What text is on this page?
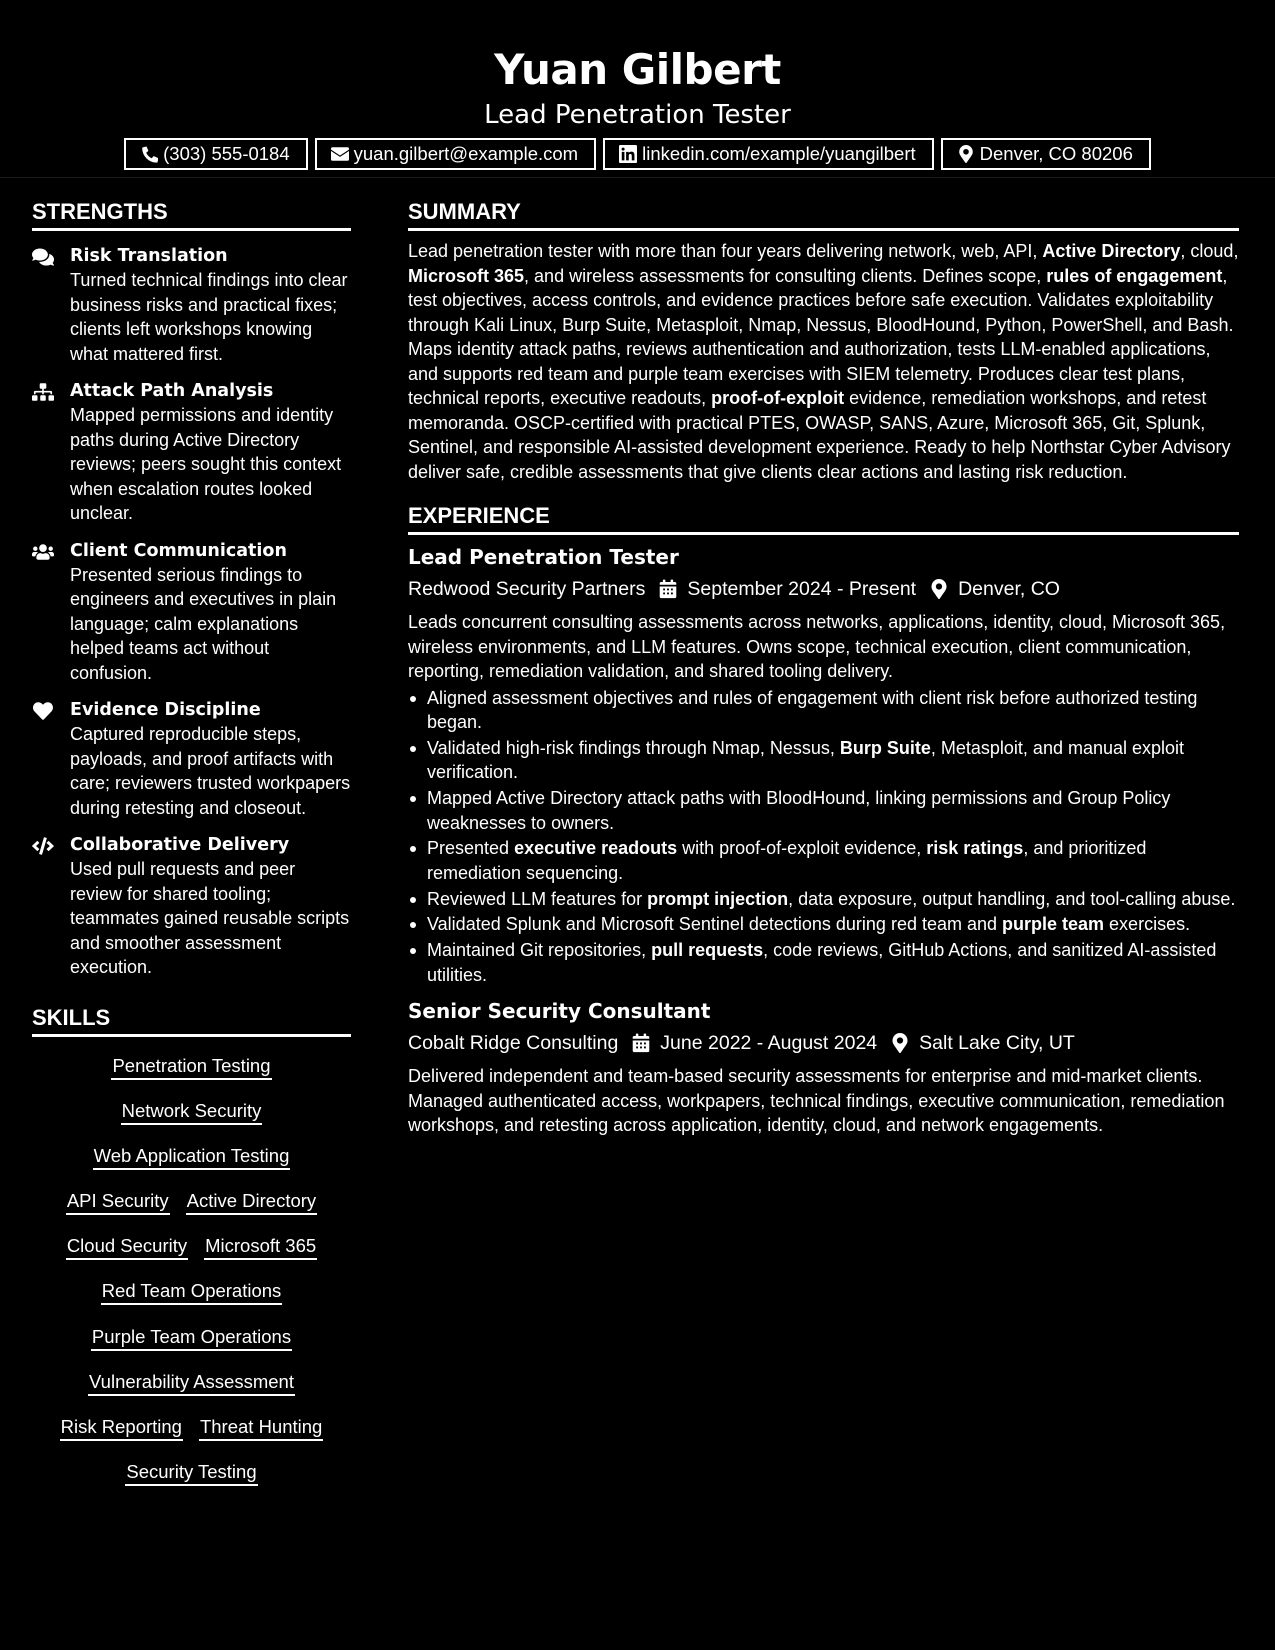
Yuan Gilbert
Lead Penetration Tester
(303) 555-0184	yuan.gilbert@example.com	linkedin.com/example/yuangilbert	Denver, CO 80206
STRENGTHS
Risk Translation
Turned technical findings into clear business risks and practical fixes; clients left workshops knowing what mattered first.
Attack Path Analysis
Mapped permissions and identity paths during Active Directory reviews; peers sought this context when escalation routes looked unclear.
Client Communication
Presented serious findings to engineers and executives in plain language; calm explanations helped teams act without confusion.
Evidence Discipline
Captured reproducible steps, payloads, and proof artifacts with care; reviewers trusted workpapers during retesting and closeout.
Collaborative Delivery
Used pull requests and peer review for shared tooling; teammates gained reusable scripts and smoother assessment execution.
SKILLS
Penetration Testing
Network Security
Web Application Testing
API Security Active Directory
Cloud Security Microsoft 365
Red Team Operations
Purple Team Operations
Vulnerability Assessment
Risk Reporting Threat Hunting
Security Testing
SUMMARY
Lead penetration tester with more than four years delivering network, web, API, Active Directory, cloud, Microsoft 365, and wireless assessments for consulting clients. Defines scope, rules of engagement, test objectives, access controls, and evidence practices before safe execution. Validates exploitability through Kali Linux, Burp Suite, Metasploit, Nmap, Nessus, BloodHound, Python, PowerShell, and Bash. Maps identity attack paths, reviews authentication and authorization, tests LLM-enabled applications, and supports red team and purple team exercises with SIEM telemetry. Produces clear test plans, technical reports, executive readouts, proof-of-exploit evidence, remediation workshops, and retest memoranda. OSCP-certified with practical PTES, OWASP, SANS, Azure, Microsoft 365, Git, Splunk, Sentinel, and responsible AI-assisted development experience. Ready to help Northstar Cyber Advisory deliver safe, credible assessments that give clients clear actions and lasting risk reduction.
EXPERIENCE
Lead Penetration Tester
Redwood Security Partners September 2024 - Present Denver, CO
Leads concurrent consulting assessments across networks, applications, identity, cloud, Microsoft 365, wireless environments, and LLM features. Owns scope, technical execution, client communication, reporting, remediation validation, and shared tooling delivery.
Aligned assessment objectives and rules of engagement with client risk before authorized testing began.
Validated high-risk findings through Nmap, Nessus, Burp Suite, Metasploit, and manual exploit verification.
Mapped Active Directory attack paths with BloodHound, linking permissions and Group Policy weaknesses to owners.
Presented executive readouts with proof-of-exploit evidence, risk ratings, and prioritized remediation sequencing.
Reviewed LLM features for prompt injection, data exposure, output handling, and tool-calling abuse.
Validated Splunk and Microsoft Sentinel detections during red team and purple team exercises.
Maintained Git repositories, pull requests, code reviews, GitHub Actions, and sanitized AI-assisted utilities.
Senior Security Consultant
Cobalt Ridge Consulting June 2022 - August 2024 Salt Lake City, UT
Delivered independent and team-based security assessments for enterprise and mid-market clients. Managed authenticated access, workpapers, technical findings, executive communication, remediation workshops, and retesting across application, identity, cloud, and network engagements.
